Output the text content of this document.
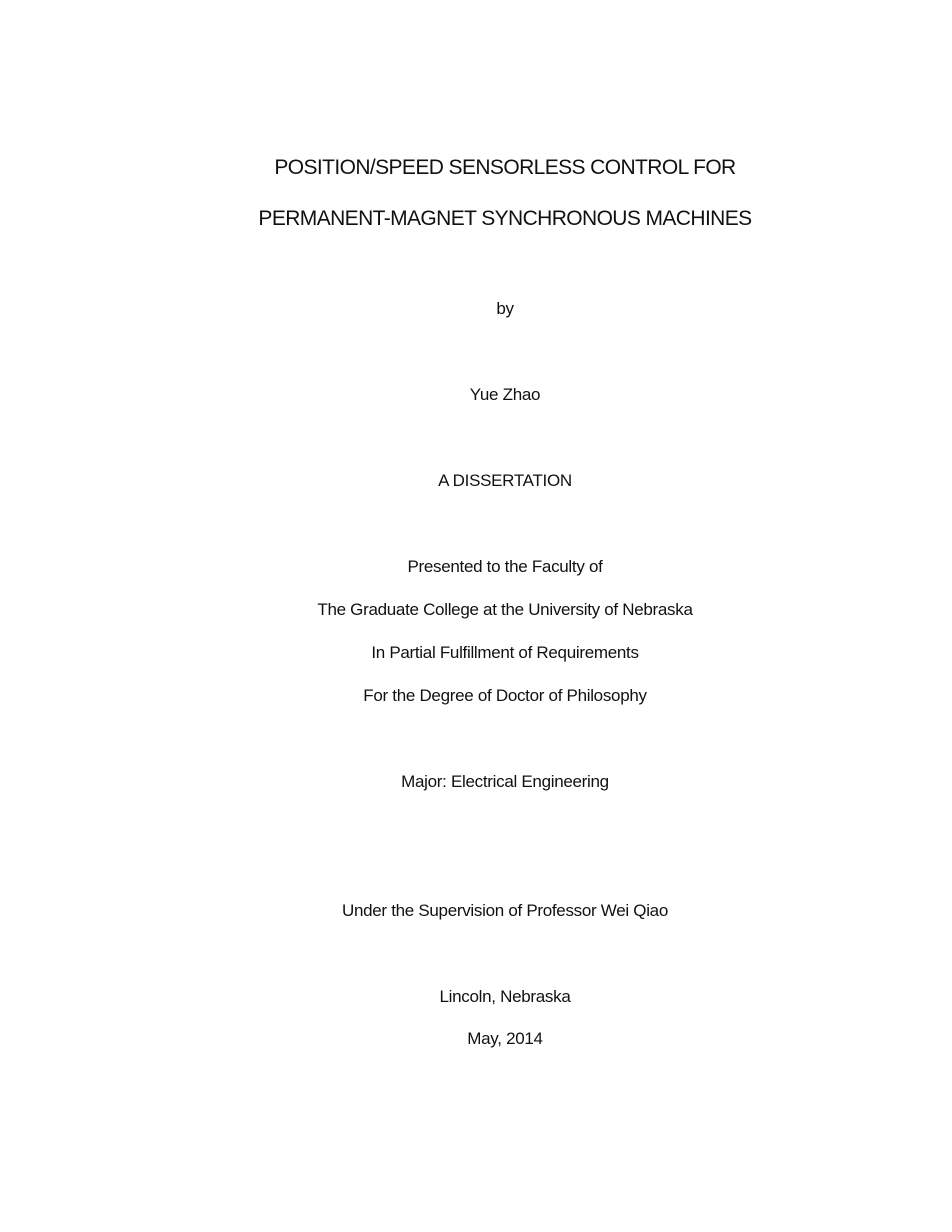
POSITION/SPEED SENSORLESS CONTROL FOR
PERMANENT-MAGNET SYNCHRONOUS MACHINES
by
Yue Zhao
A DISSERTATION
Presented to the Faculty of
The Graduate College at the University of Nebraska
In Partial Fulfillment of Requirements
For the Degree of Doctor of Philosophy
Major: Electrical Engineering
Under the Supervision of Professor Wei Qiao
Lincoln, Nebraska
May, 2014
